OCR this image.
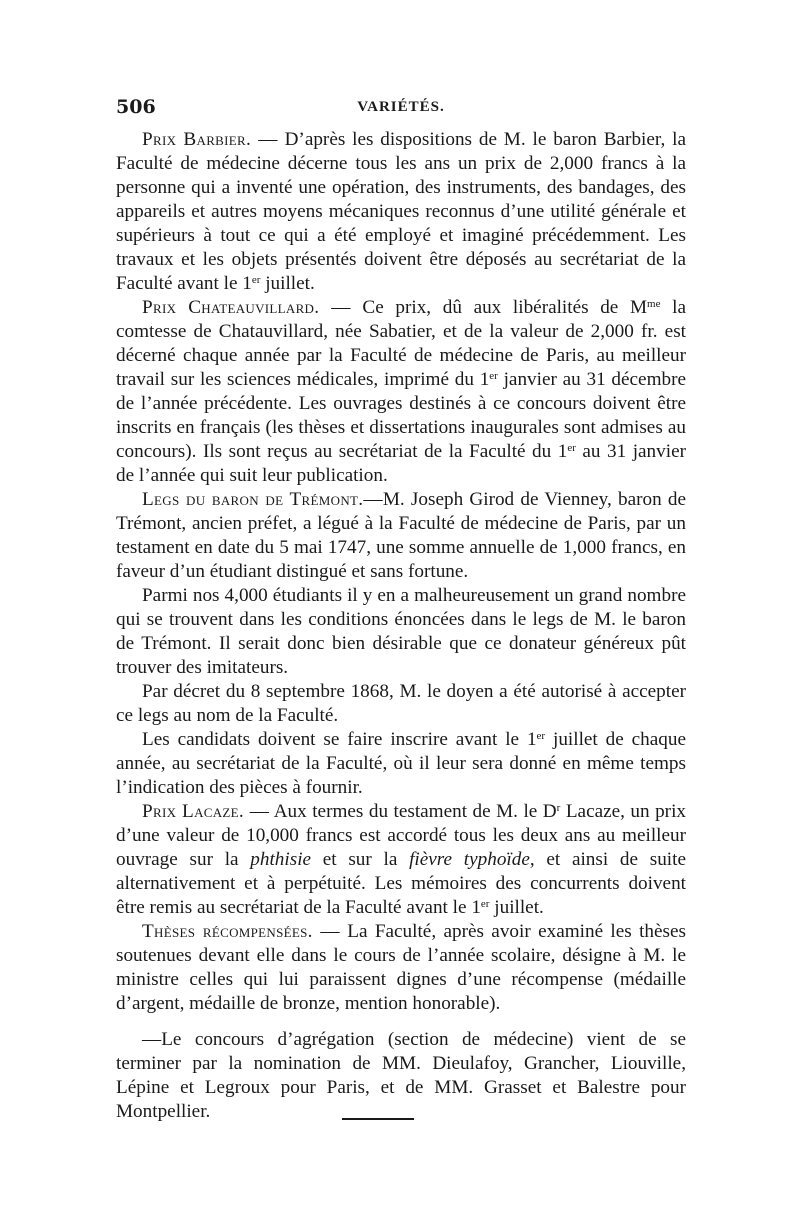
506	VARIÉTÉS.

Prix Barbier. — D’après les dispositions de M. le baron Barbier, la Faculté de médecine décerne tous les ans un prix de 2,000 francs à la personne qui a inventé une opération, des instruments, des bandages, des appareils et autres moyens mécaniques reconnus d’une utilité générale et supérieurs à tout ce qui a été employé et imaginé précédemment. Les travaux et les objets présentés doivent être déposés au secrétariat de la Faculté avant le 1er juillet.

Prix Chateauvillard. — Ce prix, dû aux libéralités de $M^{me}$ la comtesse de Chatauvillard, née Sabatier, et de la valeur de 2,000 fr. est décerné chaque année par la Faculté de médecine de Paris, au meilleur travail sur les sciences médicales, imprimé du 1er janvier au 31 décembre de l’année précédente. Les ouvrages destinés à ce concours doivent être inscrits en français (les thèses et dissertations inaugurales sont admises au concours). Ils sont reçus au secrétariat de la Faculté du 1er au 31 janvier de l’année qui suit leur publication.

Legs du baron de Trémont.—M. Joseph Girod de Vienney, baron de Trémont, ancien préfet, a légué à la Faculté de médecine de Paris, par un testament en date du 5 mai 1747, une somme annuelle de 1,000 francs, en faveur d’un étudiant distingué et sans fortune.

Parmi nos 4,000 étudiants il y en a malheureusement un grand nombre qui se trouvent dans les conditions énoncées dans le legs de M. le baron de Trémont. Il serait donc bien désirable que ce donateur généreux pût trouver des imitateurs.

Par décret du 8 septembre 1868, M. le doyen a été autorisé à accepter ce legs au nom de la Faculté.

Les candidats doivent se faire inscrire avant le 1er juillet de chaque année, au secrétariat de la Faculté, où il leur sera donné en même temps l’indication des pièces à fournir.

Prix Lacaze. — Aux termes du testament de M. le $D^r$ Lacaze, un prix d’une valeur de 10,000 francs est accordé tous les deux ans au meilleur ouvrage sur la phthisie et sur la fièvre typhoïde, et ainsi de suite alternativement et à perpétuité. Les mémoires des concurrents doivent être remis au secrétariat de la Faculté avant le 1er juillet.

Thèses récompensées. — La Faculté, après avoir examiné les thèses soutenues devant elle dans le cours de l’année scolaire, désigne à M. le ministre celles qui lui paraissent dignes d’une récompense (médaille d’argent, médaille de bronze, mention honorable).

—Le concours d’agrégation (section de médecine) vient de se terminer par la nomination de MM. Dieulafoy, Grancher, Liouville, Lépine et Legroux pour Paris, et de MM. Grasset et Balestre pour Montpellier.
